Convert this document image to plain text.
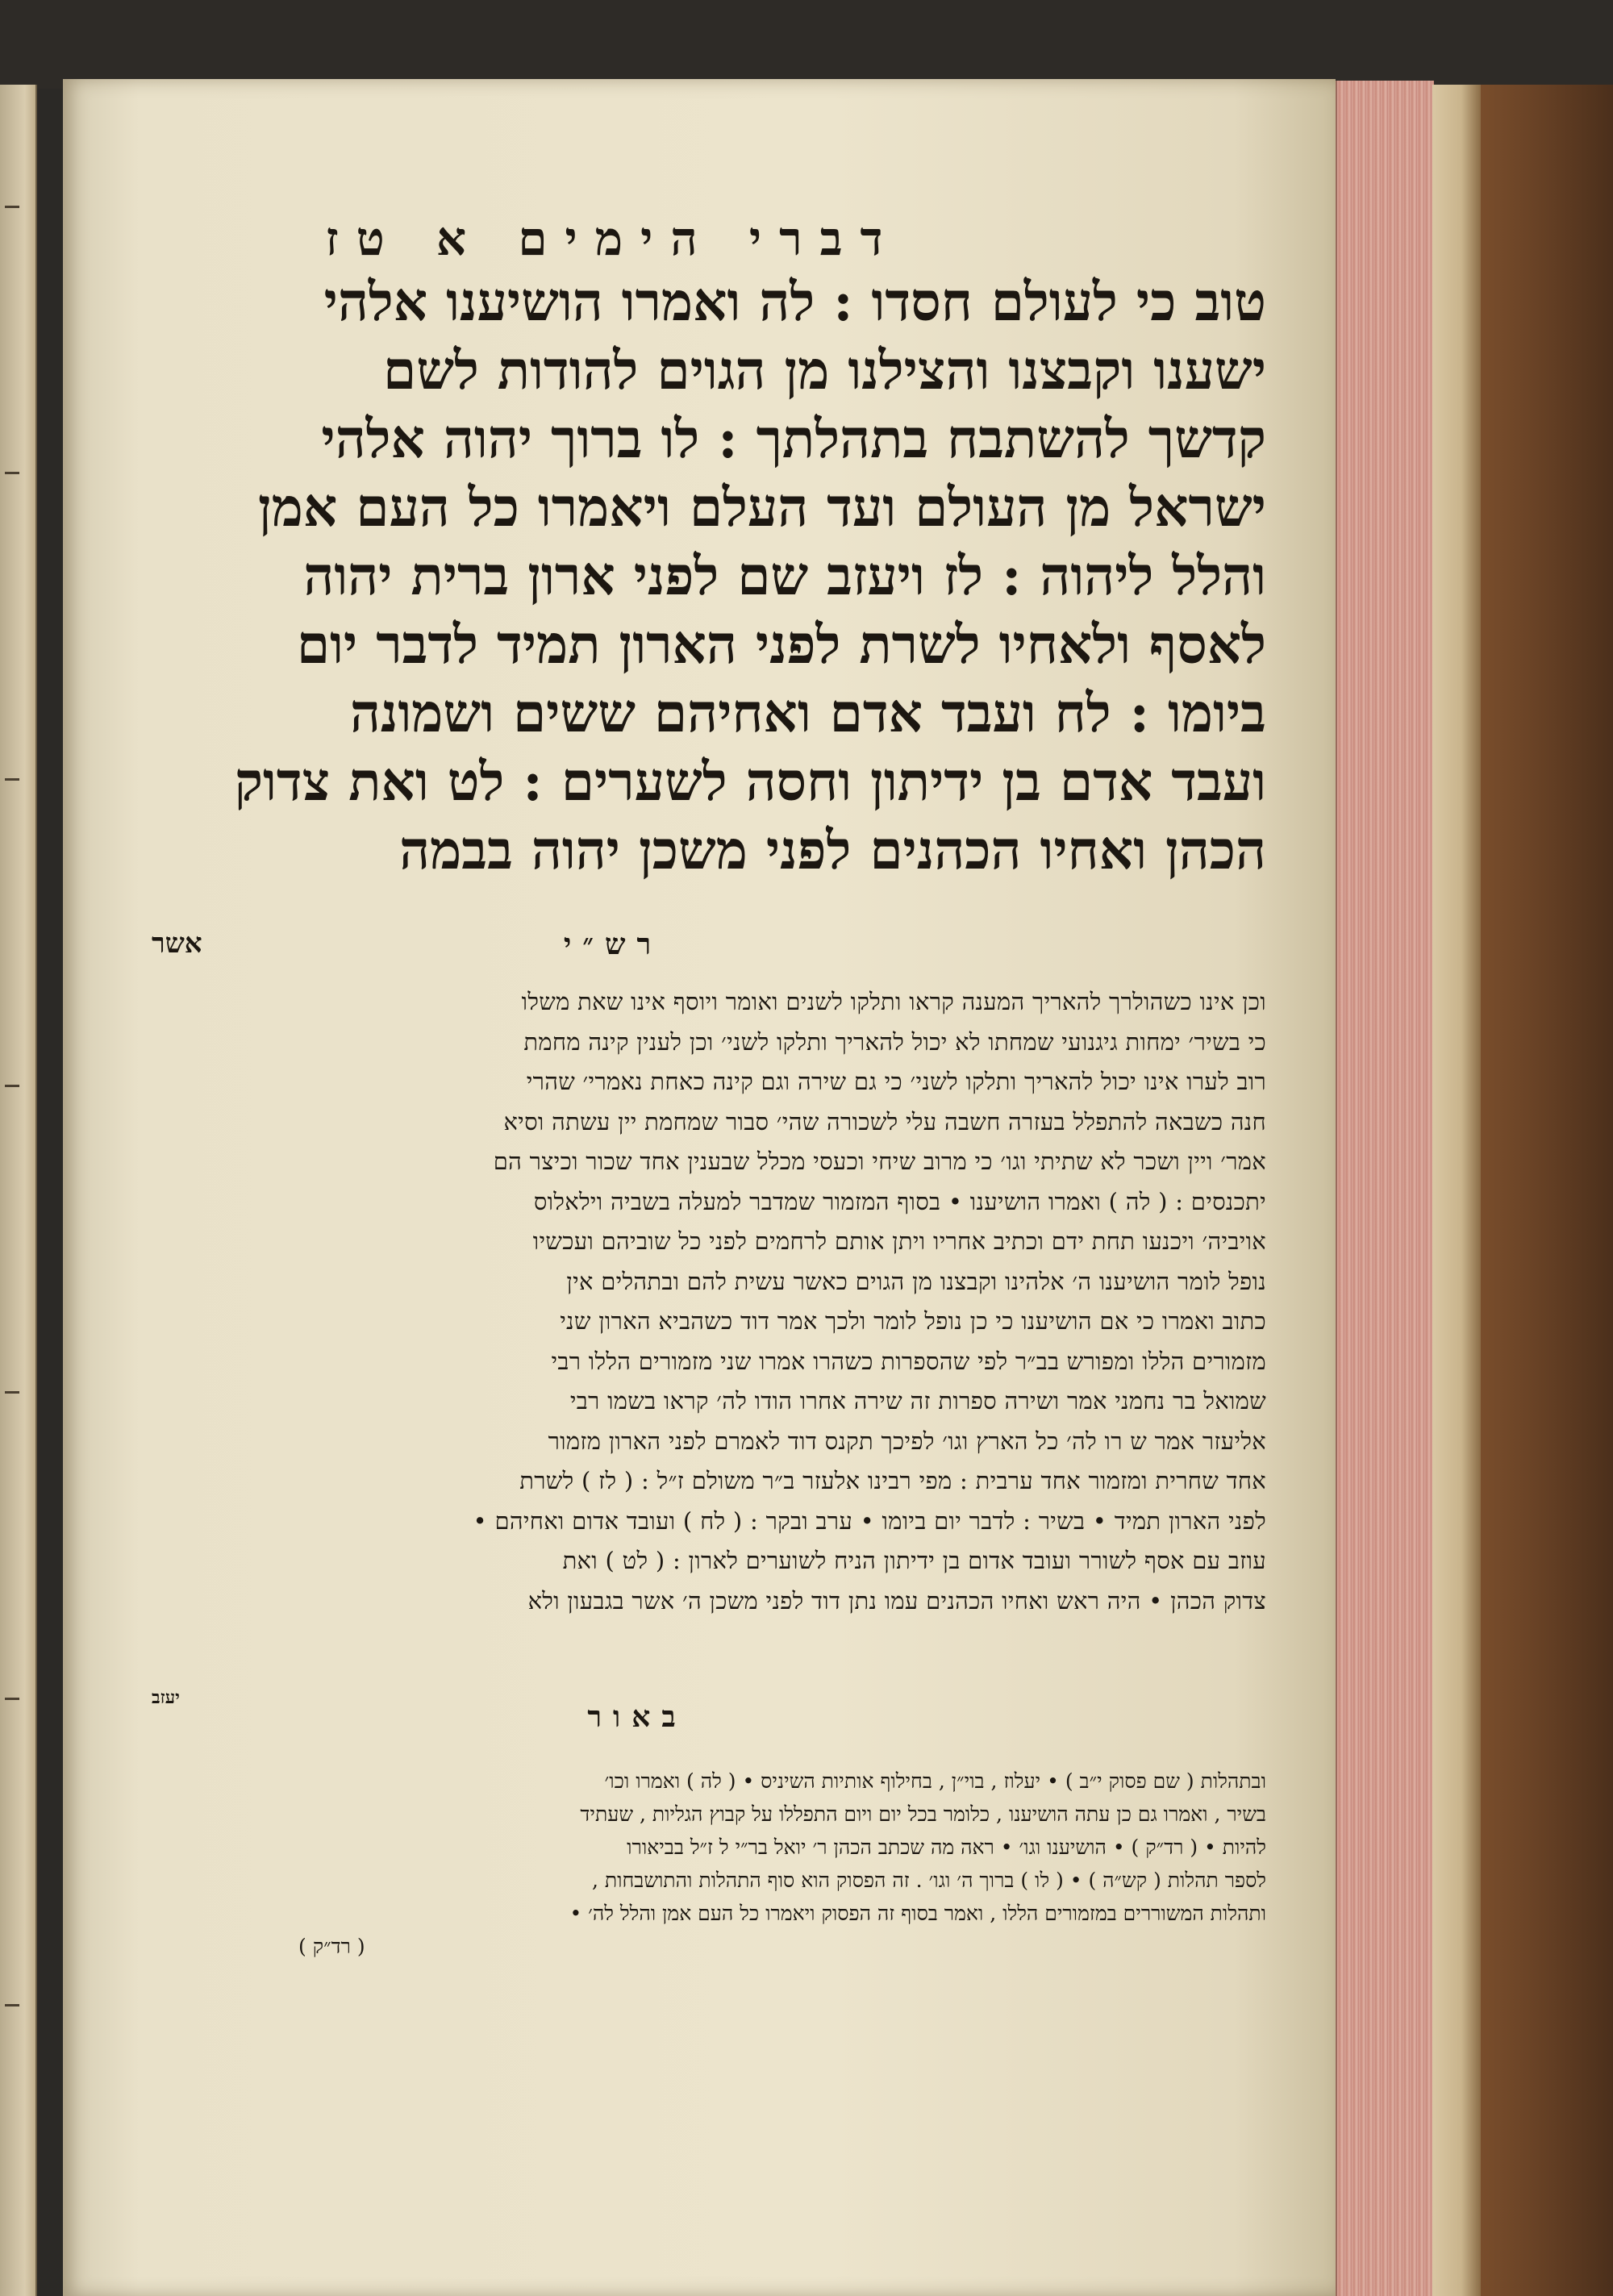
דברי הימים א טז
טוב כי לעולם חסדו : לה ואמרו הושיענו אלהי
ישענו וקבצנו והצילנו מן הגוים להודות לשם
קדשך להשתבח בתהלתך : לו ברוך יהוה אלהי
ישראל מן העולם ועד העלם ויאמרו כל העם אמן
והלל ליהוה : לז ויעזב שם לפני ארון ברית יהוה
לאסף ולאחיו לשרת לפני הארון תמיד לדבר יום
ביומו : לח ועבד אדם ואחיהם ששים ושמונה
ועבד אדם בן ידיתון וחסה לשערים : לט ואת צדוק
הכהן ואחיו הכהנים לפני משכן יהוה בבמה
אשר	רש״י
וכן אינו כשהולרך להאריך המענה קראו ותלקו לשנים ואומר ויוסף אינו שאת משלו
כי בשיר׳ ימחות גיגנועי שמחתו לא יכול להאריך ותלקו לשני׳ וכן לענין קינה מחמת
רוב לערו אינו יכול להאריך ותלקו לשני׳ כי גם שירה וגם קינה כאחת נאמרי׳ שהרי
חנה כשבאה להתפלל בעזרה חשבה עלי לשכורה שהי׳ סבור שמחמת יין עשתה וסיא
אמר׳ ויין ושכר לא שתיתי וגו׳ כי מרוב שיחי וכעסי מכלל שבענין אחד שכור וכיצר הם
יתכנסים : ( לה ) ואמרו הושיענו • בסוף המזמור שמדבר למעלה בשביה וילאלוס
אויביה׳ ויכנעו תחת ידם וכתיב אחריו ויתן אותם לרחמים לפני כל שוביהם ועכשיו
נופל לומר הושיענו ה׳ אלהינו וקבצנו מן הגוים כאשר עשית להם ובתהלים אין
כתוב ואמרו כי אם הושיענו כי כן נופל לומר ולכך אמר דוד כשהביא הארון שני
מזמורים הללו ומפורש בב״ר לפי שהספרות כשהרו אמרו שני מזמורים הללו רבי
שמואל בר נחמני אמר ושירה ספרות זה שירה אחרו הודו לה׳ קראו בשמו רבי
אליעזר אמר ש רו לה׳ כל הארץ וגו׳ לפיכך תקנס דוד לאמרם לפני הארון מזמור
אחד שחרית ומזמור אחד ערבית : מפי רבינו אלעזר ב״ר משולם ז״ל : ( לז ) לשרת
לפני הארון תמיד • בשיר : לדבר יום ביומו • ערב ובקר : ( לח ) ועובד אדום ואחיהם •
עוזב עם אסף לשורר ועובד אדום בן ידיתון הניח לשוערים לארון : ( לט ) ואת
צדוק הכהן • היה ראש ואחיו הכהנים עמו נתן דוד לפני משכן ה׳ אשר בגבעון ולא
יעזב
באור
ובתהלות ( שם פסוק י״ב ) • יעלוז , בוי״ן , בחילוף אותיות השיניס • ( לה ) ואמרו וכו׳
בשיר , ואמרו גם כן עתה הושיענו , כלומר בכל יום ויום התפללו על קבוץ הגליות , שעתיד
להיות • ( רד״ק ) • הושיענו וגו׳ • ראה מה שכתב הכהן ר׳ יואל בר״י ל ז״ל בביאורו
לספר תהלות ( קש״ה ) • ( לו ) ברוך ה׳ וגו׳ . זה הפסוק הוא סוף התהלות והתושבחות ,
ותהלות המשוררים במזמורים הללו , ואמר בסוף זה הפסוק ויאמרו כל העם אמן והלל לה׳ •
( רד״ק )
